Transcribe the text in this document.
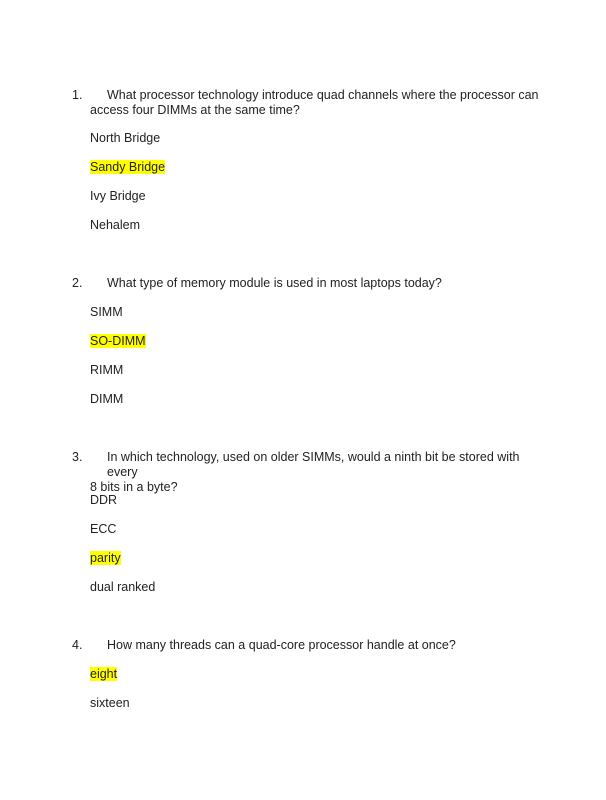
1.	What processor technology introduce quad channels where the processor can
access four DIMMs at the same time?
North Bridge
Sandy Bridge
Ivy Bridge
Nehalem
2.	What type of memory module is used in most laptops today?
SIMM
SO-DIMM
RIMM
DIMM
3.	In which technology, used on older SIMMs, would a ninth bit be stored with every
8 bits in a byte?
DDR
ECC
parity
dual ranked
4.	How many threads can a quad-core processor handle at once?
eight
sixteen
